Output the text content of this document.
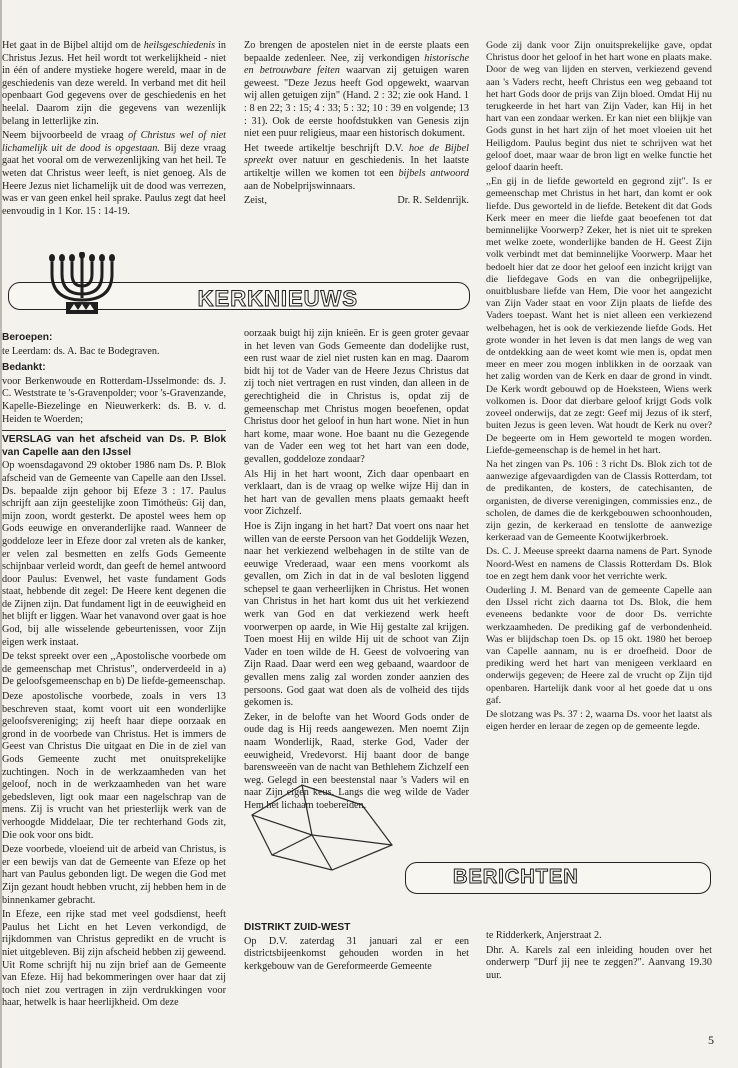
Het gaat in de Bijbel altijd om de heilsgeschiedenis in Christus Jezus. Het heil wordt tot werkelijkheid - niet in één of andere mystieke hogere wereld, maar in de geschiedenis van deze wereld. In verband met dit heil openbaart God gegevens over de geschiedenis en het heelal. Daarom zijn die gegevens van wezenlijk belang in letterlijke zin.

Neem bijvoorbeeld de vraag of Christus wel of niet lichamelijk uit de dood is opgestaan. Bij deze vraag gaat het vooral om de verwezenlijking van het heil. Te weten dat Christus weer leeft, is niet genoeg. Als de Heere Jezus niet lichamelijk uit de dood was verrezen, was er van geen enkel heil sprake. Paulus zegt dat heel eenvoudig in 1 Kor. 15 : 14-19.

Zo brengen de apostelen niet in de eerste plaats een bepaalde zedenleer. Nee, zij verkondigen historische en betrouwbare feiten waarvan zij getuigen waren geweest. "Deze Jezus heeft God opgewekt, waarvan wij allen getuigen zijn" (Hand. 2 : 32; zie ook Hand. 1 : 8 en 22; 3 : 15; 4 : 33; 5 : 32; 10 : 39 en volgende; 13 : 31). Ook de eerste hoofdstukken van Genesis zijn niet een puur religieus, maar een historisch dokument.

Het tweede artikeltje beschrijft D.V. hoe de Bijbel spreekt over natuur en geschiedenis. In het laatste artikeltje willen we komen tot een bijbels antwoord aan de Nobelprijswinnaars.

Zeist,	Dr. R. Seldenrijk.

Gode zij dank voor Zijn onuitsprekelijke gave, opdat Christus door het geloof in het hart wone en plaats make. Door de weg van lijden en sterven, verkiezend gevend aan 's Vaders recht, heeft Christus een weg gebaand tot het hart Gods door de prijs van Zijn bloed. Omdat Hij nu terugkeerde in het hart van Zijn Vader, kan Hij in het hart van een zondaar werken. Er kan niet een blijkje van Gods gunst in het hart zijn of het moet vloeien uit het Heiligdom. Paulus begint dus niet te schrijven wat het geloof doet, maar waar de bron ligt en welke functie het geloof daarin heeft.

,,En gij in de liefde geworteld en gegrond zijt". Is er gemeenschap met Christus in het hart, dan komt er ook liefde. Dus geworteld in de liefde. Betekent dit dat Gods Kerk meer en meer die liefde gaat beoefenen tot dat beminnelijke Voorwerp? Zeker, het is niet uit te spreken met welke zoete, wonderlijke banden de H. Geest Zijn volk verbindt met dat beminnelijke Voorwerp. Maar het bedoelt hier dat ze door het geloof een inzicht krijgt van die liefdegave Gods en van die onbegrijpelijke, onuitblusbare liefde van Hem, Die voor het aangezicht van Zijn Vader staat en voor Zijn plaats de liefde des Vaders toepast. Want het is niet alleen een verkiezend welbehagen, het is ook de verkiezende liefde Gods. Het grote wonder in het leven is dat men langs de weg van de ontdekking aan de weet komt wie men is, opdat men meer en meer zou mogen inblikken in de oorzaak van het zalig worden van de Kerk en daar de grond in vindt. De Kerk wordt gebouwd op de Hoeksteen, Wiens werk volkomen is. Door dat dierbare geloof krijgt Gods volk zoveel onderwijs, dat ze zegt: Geef mij Jezus of ik sterf, buiten Jezus is geen leven. Wat houdt de Kerk nu over? De begeerte om in Hem geworteld te mogen worden. Liefde-gemeenschap is de hemel in het hart.

Na het zingen van Ps. 106 : 3 richt Ds. Blok zich tot de aanwezige afgevaardigden van de Classis Rotterdam, tot de predikanten, de kosters, de catechisanten, de organisten, de diverse verenigingen, commissies enz., de scholen, de dames die de kerkgebouwen schoonhouden, zijn gezin, de kerkeraad en tenslotte de aanwezige kerkeraad van de Gemeente Kootwijkerbroek.

Ds. C. J. Meeuse spreekt daarna namens de Part. Synode Noord-West en namens de Classis Rotterdam Ds. Blok toe en zegt hem dank voor het verrichte werk.

Ouderling J. M. Benard van de gemeente Capelle aan den IJssel richt zich daarna tot Ds. Blok, die hem eveneens bedankte voor de door Ds. verrichte werkzaamheden. De prediking gaf de verbondenheid. Was er blijdschap toen Ds. op 15 okt. 1980 het beroep van Capelle aannam, nu is er droefheid. Door de prediking werd het hart van menigeen verklaard en onderwijs gegeven; de Heere zal de vrucht op Zijn tijd openbaren. Hartelijk dank voor al het goede dat u ons gaf.

De slotzang was Ps. 37 : 2, waarna Ds. voor het laatst als eigen herder en leraar de zegen op de gemeente legde.

KERKNIEUWS
Beroepen:

te Leerdam: ds. A. Bac te Bodegraven.

Bedankt:

voor Berkenwoude en Rotterdam-IJsselmonde: ds. J. C. Weststrate te 's-Gravenpolder; voor 's-Gravenzande, Kapelle-Biezelinge en Nieuwerkerk: ds. B. v. d. Heiden te Woerden;

VERSLAG van het afscheid van Ds. P. Blok van Capelle aan den IJssel

Op woensdagavond 29 oktober 1986 nam Ds. P. Blok afscheid van de Gemeente van Capelle aan den IJssel. Ds. bepaalde zijn gehoor bij Efeze 3 : 17. Paulus schrijft aan zijn geestelijke zoon Timótheüs: Gij dan, mijn zoon, wordt gesterkt. De apostel wees hem op Gods eeuwige en onveranderlijke raad. Wanneer de goddeloze leer in Efeze door zal vreten als de kanker, er velen zal besmetten en zelfs Gods Gemeente schijnbaar verleid wordt, dan geeft de hemel antwoord door Paulus: Evenwel, het vaste fundament Gods staat, hebbende dit zegel: De Heere kent degenen die de Zijnen zijn. Dat fundament ligt in de eeuwigheid en het blijft er liggen. Waar het vanavond over gaat is hoe God, bij alle wisselende gebeurtenissen, voor Zijn eigen werk instaat.

De tekst spreekt over een ,,Apostolische voorbede om de gemeenschap met Christus", onderverdeeld in a) De geloofsgemeenschap en b) De liefde-gemeenschap.

Deze apostolische voorbede, zoals in vers 13 beschreven staat, komt voort uit een wonderlijke geloofsvereniging; zij heeft haar diepe oorzaak en grond in de voorbede van Christus. Het is immers de Geest van Christus Die uitgaat en Die in de ziel van Gods Gemeente zucht met onuitsprekelijke zuchtingen. Noch in de werkzaamheden van het geloof, noch in de werkzaamheden van het ware gebedsleven, ligt ook maar een nagelschrap van de mens. Zij is vrucht van het priesterlijk werk van de verhoogde Middelaar, Die ter rechterhand Gods zit, Die ook voor ons bidt.

Deze voorbede, vloeiend uit de arbeid van Christus, is er een bewijs van dat de Gemeente van Efeze op het hart van Paulus gebonden ligt. De wegen die God met Zijn gezant houdt hebben vrucht, zij hebben hem in de binnenkamer gebracht.

In Efeze, een rijke stad met veel godsdienst, heeft Paulus het Licht en het Leven verkondigd, de rijkdommen van Christus gepredikt en de vrucht is niet uitgebleven. Bij zijn afscheid hebben zij geweend. Uit Rome schrijft hij nu zijn brief aan de Gemeente van Efeze. Hij had bekommeringen over haar dat zij toch niet zou vertragen in zijn verdrukkingen voor haar, hetwelk is haar heerlijkheid. Om deze

oorzaak buigt hij zijn knieën. Er is geen groter gevaar in het leven van Gods Gemeente dan dodelijke rust, een rust waar de ziel niet rusten kan en mag. Daarom bidt hij tot de Vader van de Heere Jezus Christus dat zij toch niet vertragen en rust vinden, dan alleen in de gerechtigheid die in Christus is, opdat zij de gemeenschap met Christus mogen beoefenen, opdat Christus door het geloof in hun hart wone. Niet in hun hart kome, maar wone. Hoe baant nu die Gezegende van de Vader een weg tot het hart van een dode, gevallen, goddeloze zondaar?

Als Hij in het hart woont, Zich daar openbaart en verklaart, dan is de vraag op welke wijze Hij dan in het hart van de gevallen mens plaats gemaakt heeft voor Zichzelf.

Hoe is Zijn ingang in het hart? Dat voert ons naar het willen van de eerste Persoon van het Goddelijk Wezen, naar het verkiezend welbehagen in de stilte van de eeuwige Vrederaad, waar een mens voorkomt als gevallen, om Zich in dat in de val besloten liggend schepsel te gaan verheerlijken in Christus. Het wonen van Christus in het hart komt dus uit het verkiezend werk van God en dat verkiezend werk heeft voorwerpen op aarde, in Wie Hij gestalte zal krijgen. Toen moest Hij en wilde Hij uit de schoot van Zijn Vader en toen wilde de H. Geest de volvoering van Zijn Raad. Daar werd een weg gebaand, waardoor de gevallen mens zalig zal worden zonder aanzien des persoons. God gaat wat doen als de volheid des tijds gekomen is.

Zeker, in de belofte van het Woord Gods onder de oude dag is Hij reeds aangewezen. Men noemt Zijn naam Wonderlijk, Raad, sterke God, Vader der eeuwigheid, Vredevorst. Hij baant door de bange barensweeën van de nacht van Bethlehem Zichzelf een weg. Gelegd in een beestenstal naar 's Vaders wil en naar Zijn eigen keus. Langs die weg wilde de Vader Hem het lichaam toebereiden.

BERICHTEN
DISTRIKT ZUID-WEST

Op D.V. zaterdag 31 januari zal er een districtsbijeenkomst gehouden worden in het kerkgebouw van de Gereformeerde Gemeente

te Ridderkerk, Anjerstraat 2.

Dhr. A. Karels zal een inleiding houden over het onderwerp "Durf jij nee te zeggen?". Aanvang 19.30 uur.

5
